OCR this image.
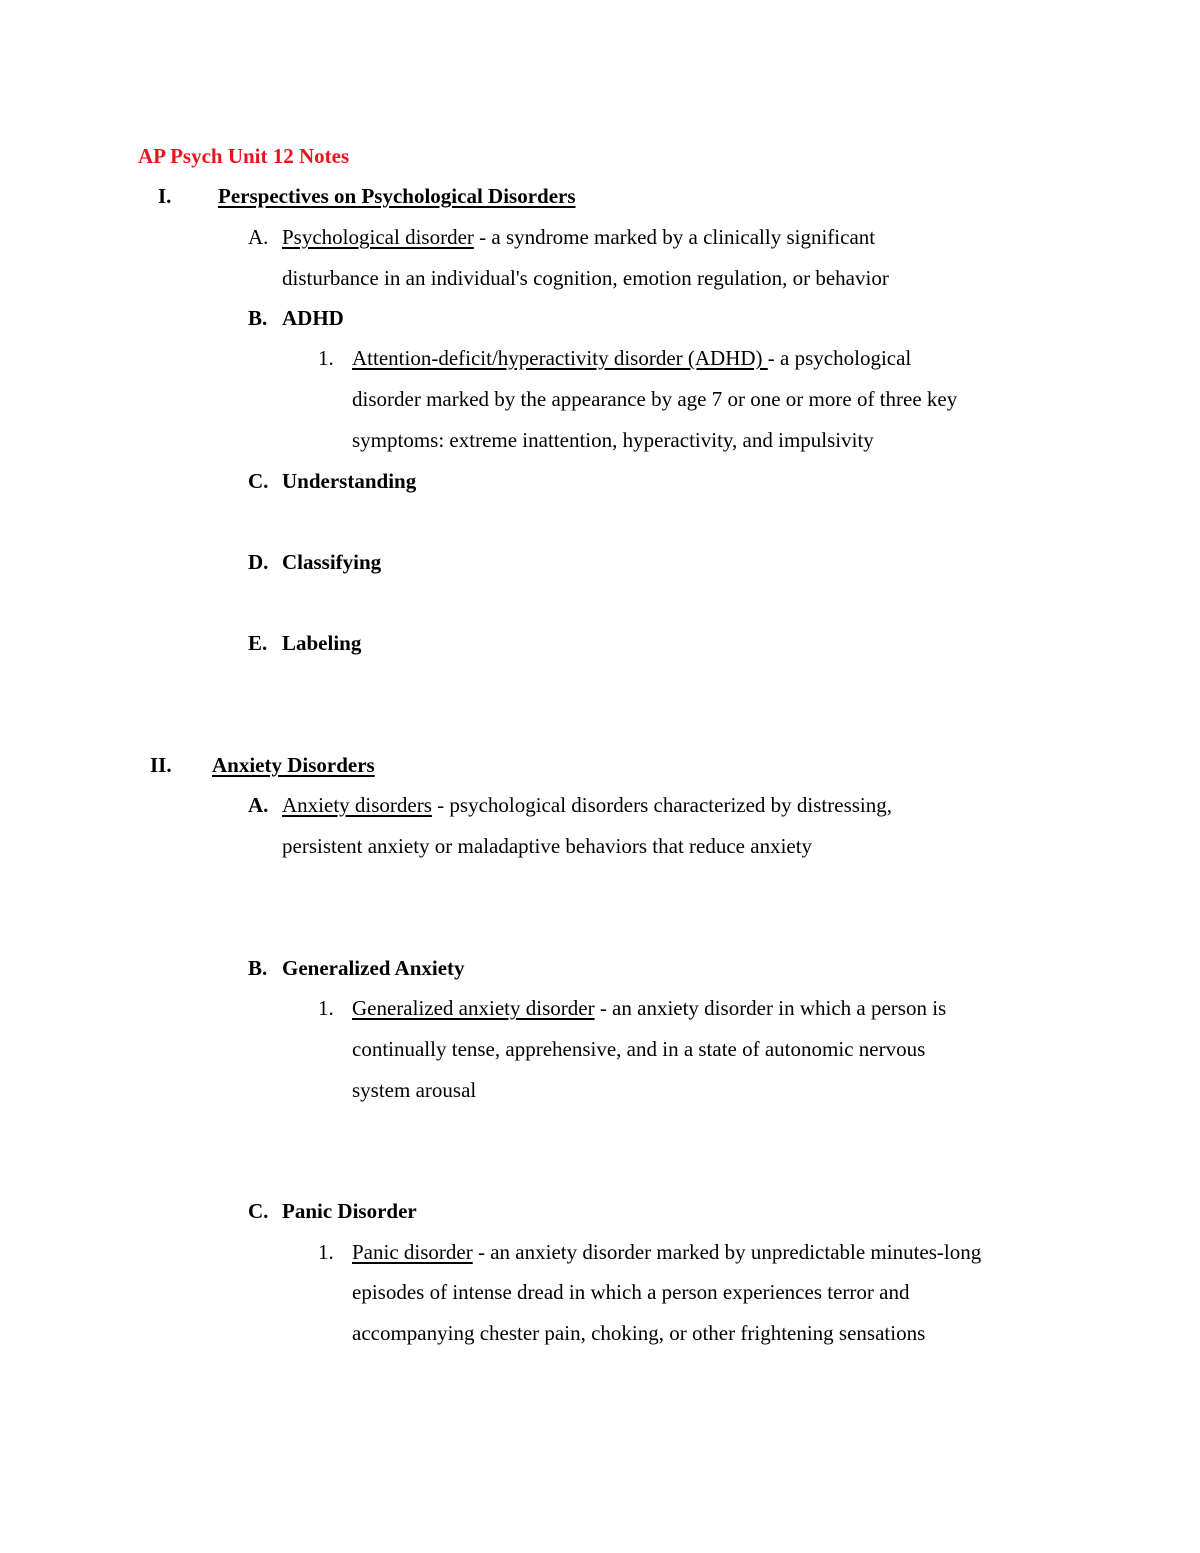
AP Psych Unit 12 Notes
I. Perspectives on Psychological Disorders
A. Psychological disorder - a syndrome marked by a clinically significant
disturbance in an individual's cognition, emotion regulation, or behavior
B. ADHD
1. Attention-deficit/hyperactivity disorder (ADHD) - a psychological
disorder marked by the appearance by age 7 or one or more of three key
symptoms: extreme inattention, hyperactivity, and impulsivity
C. Understanding
D. Classifying
E. Labeling
II. Anxiety Disorders
A. Anxiety disorders - psychological disorders characterized by distressing,
persistent anxiety or maladaptive behaviors that reduce anxiety
B. Generalized Anxiety
1. Generalized anxiety disorder - an anxiety disorder in which a person is
continually tense, apprehensive, and in a state of autonomic nervous
system arousal
C. Panic Disorder
1. Panic disorder - an anxiety disorder marked by unpredictable minutes-long
episodes of intense dread in which a person experiences terror and
accompanying chester pain, choking, or other frightening sensations
